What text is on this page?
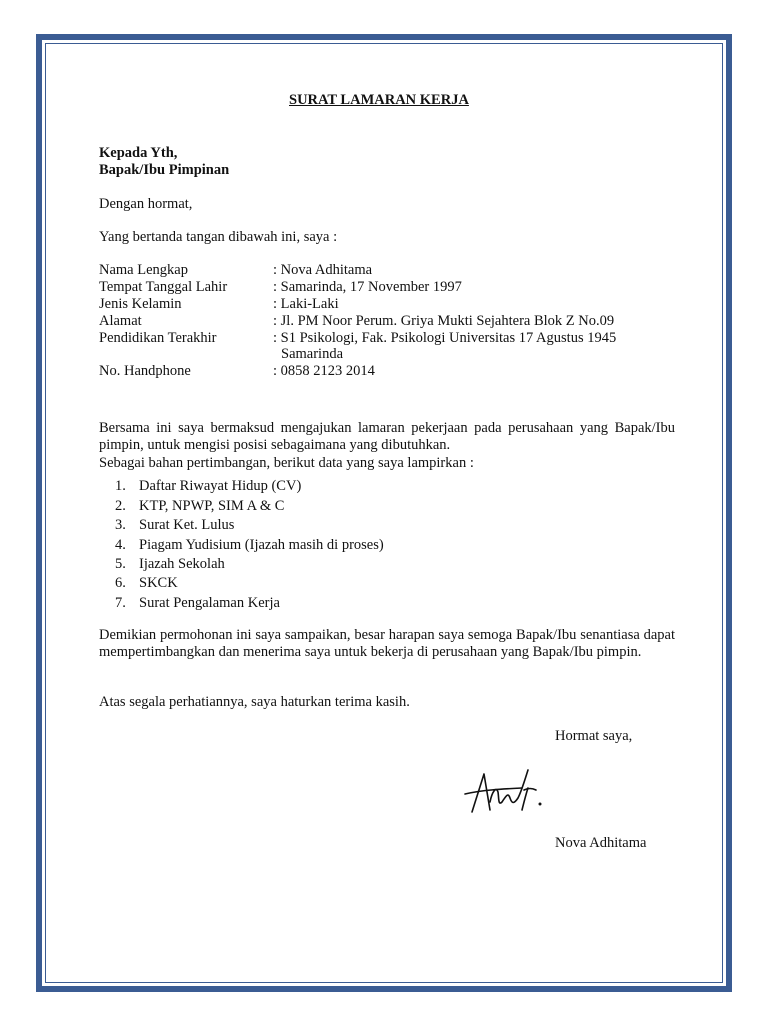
SURAT LAMARAN KERJA
Kepada Yth,
Bapak/Ibu Pimpinan
Dengan hormat,
Yang bertanda tangan dibawah ini, saya :
Nama Lengkap	: Nova Adhitama
Tempat Tanggal Lahir	: Samarinda, 17 November 1997
Jenis Kelamin	: Laki-Laki
Alamat	: Jl. PM Noor Perum. Griya Mukti Sejahtera Blok Z No.09
Pendidikan Terakhir	: S1 Psikologi, Fak. Psikologi Universitas 17 Agustus 1945
Samarinda
No. Handphone	: 0858 2123 2014
Bersama ini saya bermaksud mengajukan lamaran pekerjaan pada perusahaan yang Bapak/Ibu pimpin, untuk mengisi posisi sebagaimana yang dibutuhkan.
Sebagai bahan pertimbangan, berikut data yang saya lampirkan :
1. Daftar Riwayat Hidup (CV)
2. KTP, NPWP, SIM A & C
3. Surat Ket. Lulus
4. Piagam Yudisium (Ijazah masih di proses)
5. Ijazah Sekolah
6. SKCK
7. Surat Pengalaman Kerja
Demikian permohonan ini saya sampaikan, besar harapan saya semoga Bapak/Ibu senantiasa dapat mempertimbangkan dan menerima saya untuk bekerja di perusahaan yang Bapak/Ibu pimpin.
Atas segala perhatiannya, saya haturkan terima kasih.
Hormat saya,
Nova Adhitama
